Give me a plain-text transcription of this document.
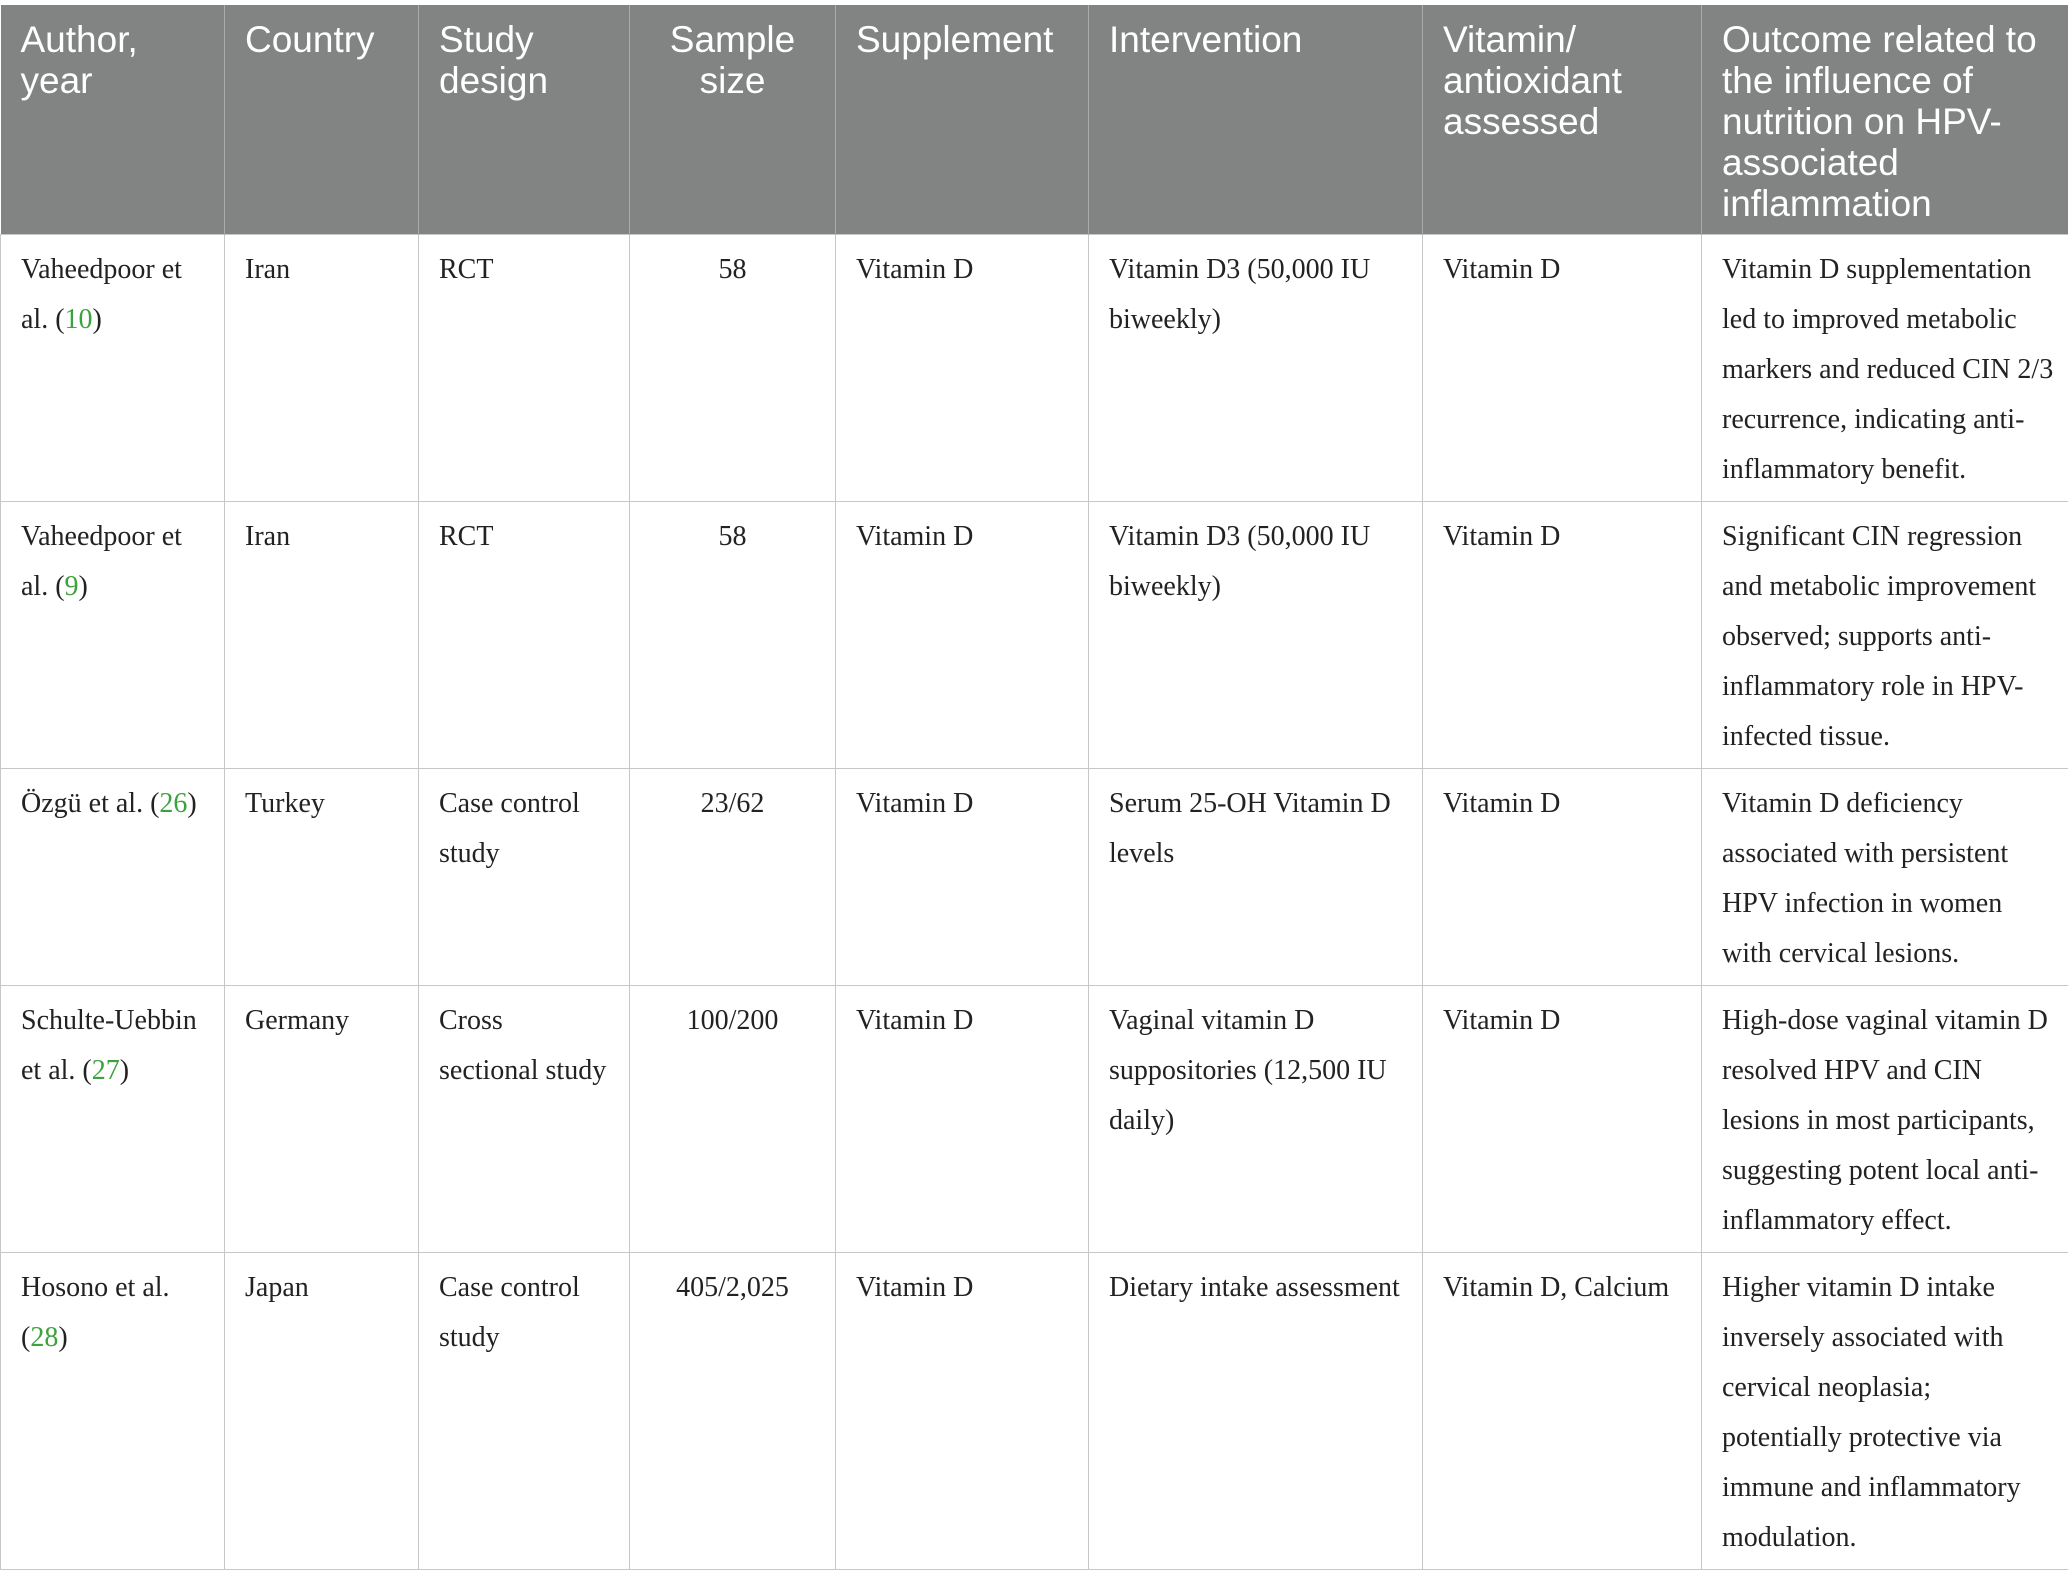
Author, year	Country	Study design	Sample size	Supplement	Intervention	Vitamin/ antioxidant assessed	Outcome related to the influence of nutrition on HPV-associated inflammation
Vaheedpoor et al. (10)	Iran	RCT	58	Vitamin D	Vitamin D3 (50,000 IU biweekly)	Vitamin D	Vitamin D supplementation led to improved metabolic markers and reduced CIN 2/3 recurrence, indicating anti-inflammatory benefit.
Vaheedpoor et al. (9)	Iran	RCT	58	Vitamin D	Vitamin D3 (50,000 IU biweekly)	Vitamin D	Significant CIN regression and metabolic improvement observed; supports anti-inflammatory role in HPV-infected tissue.
Özgü et al. (26)	Turkey	Case control study	23/62	Vitamin D	Serum 25-OH Vitamin D levels	Vitamin D	Vitamin D deficiency associated with persistent HPV infection in women with cervical lesions.
Schulte-Uebbin et al. (27)	Germany	Cross sectional study	100/200	Vitamin D	Vaginal vitamin D suppositories (12,500 IU daily)	Vitamin D	High-dose vaginal vitamin D resolved HPV and CIN lesions in most participants, suggesting potent local anti-inflammatory effect.
Hosono et al. (28)	Japan	Case control study	405/2,025	Vitamin D	Dietary intake assessment	Vitamin D, Calcium	Higher vitamin D intake inversely associated with cervical neoplasia; potentially protective via immune and inflammatory modulation.
